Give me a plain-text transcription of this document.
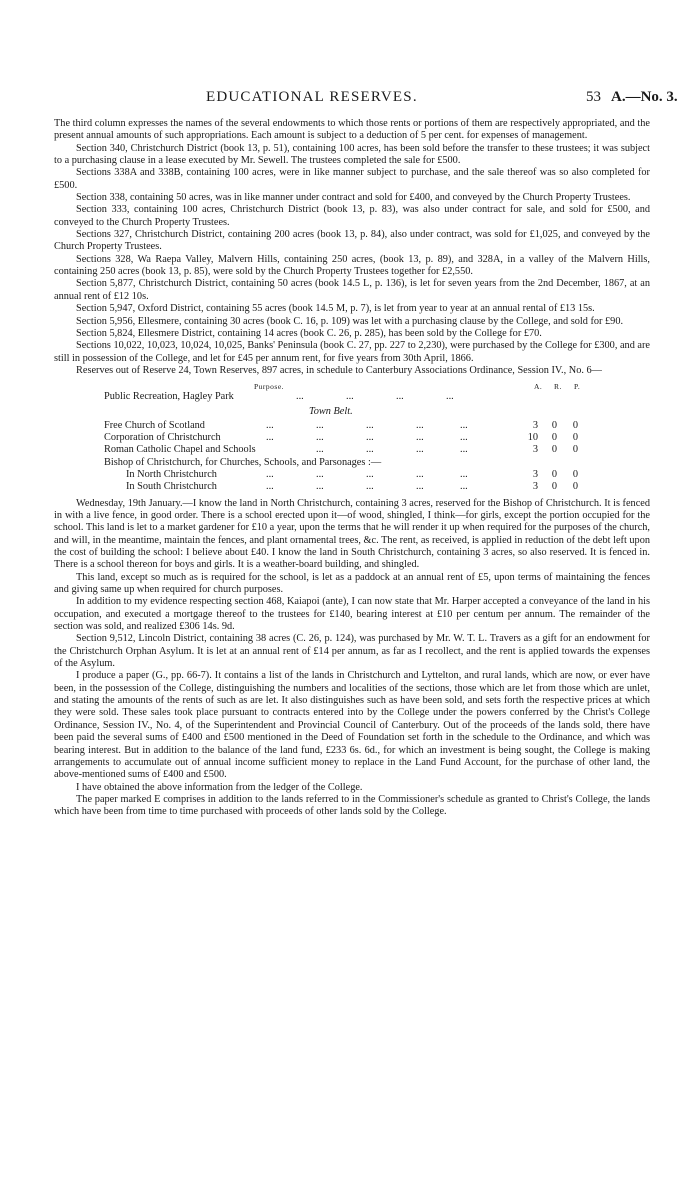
EDUCATIONAL RESERVES.	53 A.—No. 3.

The third column expresses the names of the several endowments to which those rents or portions of them are respectively appropriated, and the present annual amounts of such appropriations. Each amount is subject to a deduction of 5 per cent. for expenses of management.

Section 340, Christchurch District (book 13, p. 51), containing 100 acres, has been sold before the transfer to these trustees; it was subject to a purchasing clause in a lease executed by Mr. Sewell. The trustees completed the sale for £500.

Sections 338A and 338B, containing 100 acres, were in like manner subject to purchase, and the sale thereof was so also completed for £500.

Section 338, containing 50 acres, was in like manner under contract and sold for £400, and conveyed by the Church Property Trustees.

Section 333, containing 100 acres, Christchurch District (book 13, p. 83), was also under contract for sale, and sold for £500, and conveyed to the Church Property Trustees.

Sections 327, Christchurch District, containing 200 acres (book 13, p. 84), also under contract, was sold for £1,025, and conveyed by the Church Property Trustees.

Sections 328, Wa Raepa Valley, Malvern Hills, containing 250 acres, (book 13, p. 89), and 328A, in a valley of the Malvern Hills, containing 250 acres (book 13, p. 85), were sold by the Church Property Trustees together for £2,550.

Section 5,877, Christchurch District, containing 50 acres (book 14.5 L, p. 136), is let for seven years from the 2nd December, 1867, at an annual rent of £12 10s.

Section 5,947, Oxford District, containing 55 acres (book 14.5 M, p. 7), is let from year to year at an annual rental of £13 15s.

Section 5,956, Ellesmere, containing 30 acres (book C. 16, p. 109) was let with a purchasing clause by the College, and sold for £90.

Section 5,824, Ellesmere District, containing 14 acres (book C. 26, p. 285), has been sold by the College for £70.

Sections 10,022, 10,023, 10,024, 10,025, Banks' Peninsula (book C. 27, pp. 227 to 2,230), were purchased by the College for £300, and are still in possession of the College, and let for £45 per annum rent, for five years from 30th April, 1866.

Reserves out of Reserve 24, Town Reserves, 897 acres, in schedule to Canterbury Associations Ordinance, Session IV., No. 6—

Purpose.	A. R. P.
Public Recreation, Hagley Park	...	...	...	...
Town Belt.
Free Church of Scotland	...	...	...	...	...	3	0	0
Corporation of Christchurch	...	...	...	...	...	10	0	0
Roman Catholic Chapel and Schools	...	...	...	...	3	0	0
Bishop of Christchurch, for Churches, Schools, and Parsonages :—
In North Christchurch	...	...	...	...	...	3	0	0
In South Christchurch	...	...	...	...	...	3	0	0

Wednesday, 19th January.—I know the land in North Christchurch, containing 3 acres, reserved for the Bishop of Christchurch. It is fenced in with a live fence, in good order. There is a school erected upon it—of wood, shingled, I think—for girls, except the portion occupied for the school. This land is let to a market gardener for £10 a year, upon the terms that he will render it up when required for the purposes of the church, and will, in the meantime, maintain the fences, and plant ornamental trees, &c. The rent, as received, is applied in reduction of the debt left upon the cost of building the school: I believe about £40. I know the land in South Christchurch, containing 3 acres, so also reserved. It is fenced in. There is a school thereon for boys and girls. It is a weather-board building, and shingled.

This land, except so much as is required for the school, is let as a paddock at an annual rent of £5, upon terms of maintaining the fences and giving same up when required for church purposes.

In addition to my evidence respecting section 468, Kaiapoi (ante), I can now state that Mr. Harper accepted a conveyance of the land in his occupation, and executed a mortgage thereof to the trustees for £140, bearing interest at £10 per centum per annum. The remainder of the section was sold, and realized £306 14s. 9d.

Section 9,512, Lincoln District, containing 38 acres (C. 26, p. 124), was purchased by Mr. W. T. L. Travers as a gift for an endowment for the Christchurch Orphan Asylum. It is let at an annual rent of £14 per annum, as far as I recollect, and the rent is applied towards the expenses of the Asylum.

I produce a paper (G., pp. 66-7). It contains a list of the lands in Christchurch and Lyttelton, and rural lands, which are now, or ever have been, in the possession of the College, distinguishing the numbers and localities of the sections, those which are let from those which are unlet, and stating the amounts of the rents of such as are let. It also distinguishes such as have been sold, and sets forth the respective prices at which they were sold. These sales took place pursuant to contracts entered into by the College under the powers conferred by the Christ's College Ordinance, Session IV., No. 4, of the Superintendent and Provincial Council of Canterbury. Out of the proceeds of the lands sold, there have been paid the several sums of £400 and £500 mentioned in the Deed of Foundation set forth in the schedule to the Ordinance, and which was bearing interest. But in addition to the balance of the land fund, £233 6s. 6d., for which an investment is being sought, the College is making arrangements to accumulate out of annual income sufficient money to replace in the Land Fund Account, for the purchase of other land, the above-mentioned sums of £400 and £500.

I have obtained the above information from the ledger of the College.

The paper marked E comprises in addition to the lands referred to in the Commissioner's schedule as granted to Christ's College, the lands which have been from time to time purchased with proceeds of other lands sold by the College.
